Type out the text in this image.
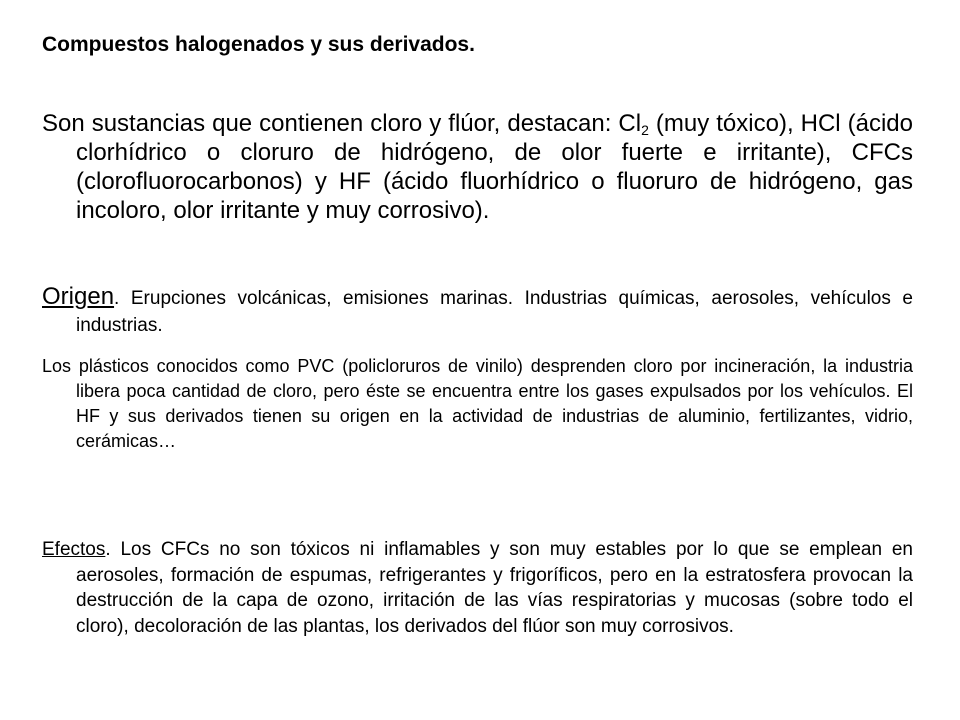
Compuestos halogenados y sus derivados.

Son sustancias que contienen cloro y flúor, destacan: $Cl_2$ (muy tóxico), HCl (ácido clorhídrico o cloruro de hidrógeno, de olor fuerte e irritante), CFCs (clorofluorocarbonos) y HF (ácido fluorhídrico o fluoruro de hidrógeno, gas incoloro, olor irritante y muy corrosivo).

Origen. Erupciones volcánicas, emisiones marinas. Industrias químicas, aerosoles, vehículos e industrias.

Los plásticos conocidos como PVC (policloruros de vinilo) desprenden cloro por incineración, la industria libera poca cantidad de cloro, pero éste se encuentra entre los gases expulsados por los vehículos. El HF y sus derivados tienen su origen en la actividad de industrias de aluminio, fertilizantes, vidrio, cerámicas…

Efectos. Los CFCs no son tóxicos ni inflamables y son muy estables por lo que se emplean en aerosoles, formación de espumas, refrigerantes y frigoríficos, pero en la estratosfera provocan la destrucción de la capa de ozono, irritación de las vías respiratorias y mucosas (sobre todo el cloro), decoloración de las plantas, los derivados del flúor son muy corrosivos.
